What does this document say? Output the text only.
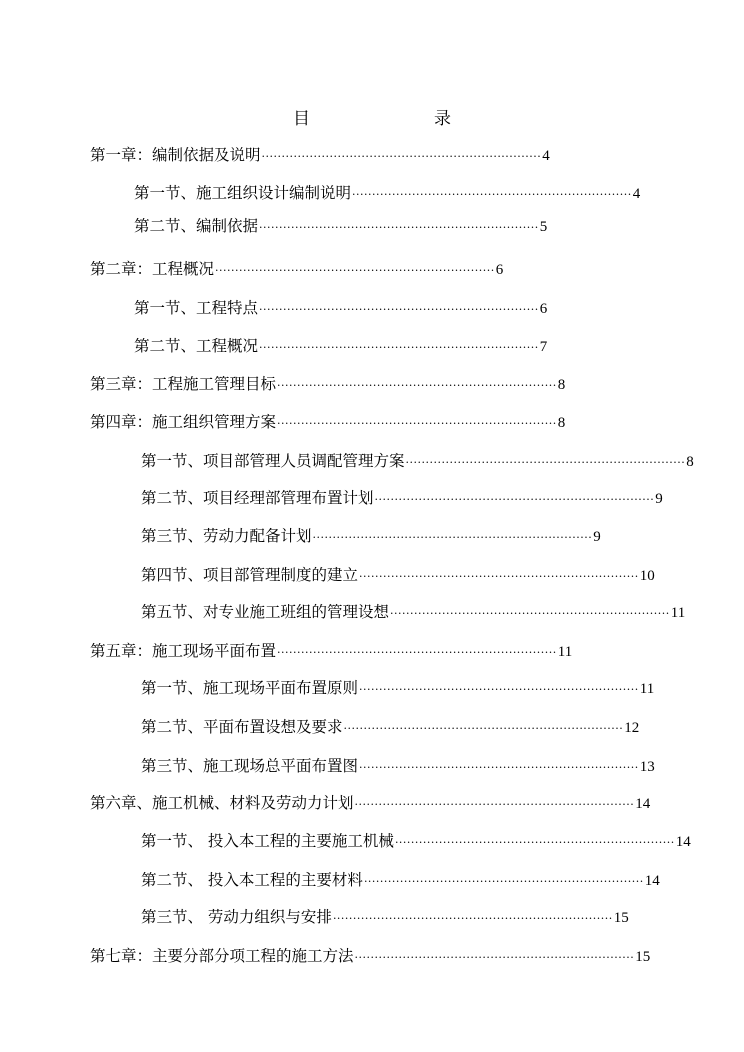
目　　录
第一章：编制依据及说明 ······································································ 4
第一节、施工组织设计编制说明 ······································································ 4
第二节、编制依据 ······································································ 5
第二章：工程概况 ······································································ 6
第一节、工程特点 ······································································ 6
第二节、工程概况 ······································································ 7
第三章：工程施工管理目标 ······································································ 8
第四章：施工组织管理方案 ······································································ 8
第一节、项目部管理人员调配管理方案 ······································································ 8
第二节、项目经理部管理布置计划 ······································································ 9
第三节、劳动力配备计划 ······································································ 9
第四节、项目部管理制度的建立 ······································································ 10
第五节、对专业施工班组的管理设想 ······································································ 11
第五章：施工现场平面布置 ······································································ 11
第一节、施工现场平面布置原则 ······································································ 11
第二节、平面布置设想及要求 ······································································ 12
第三节、施工现场总平面布置图 ······································································ 13
第六章、施工机械、材料及劳动力计划 ······································································ 14
第一节、 投入本工程的主要施工机械 ······································································ 14
第二节、 投入本工程的主要材料 ······································································ 14
第三节、 劳动力组织与安排 ······································································ 15
第七章：主要分部分项工程的施工方法 ······································································ 15
